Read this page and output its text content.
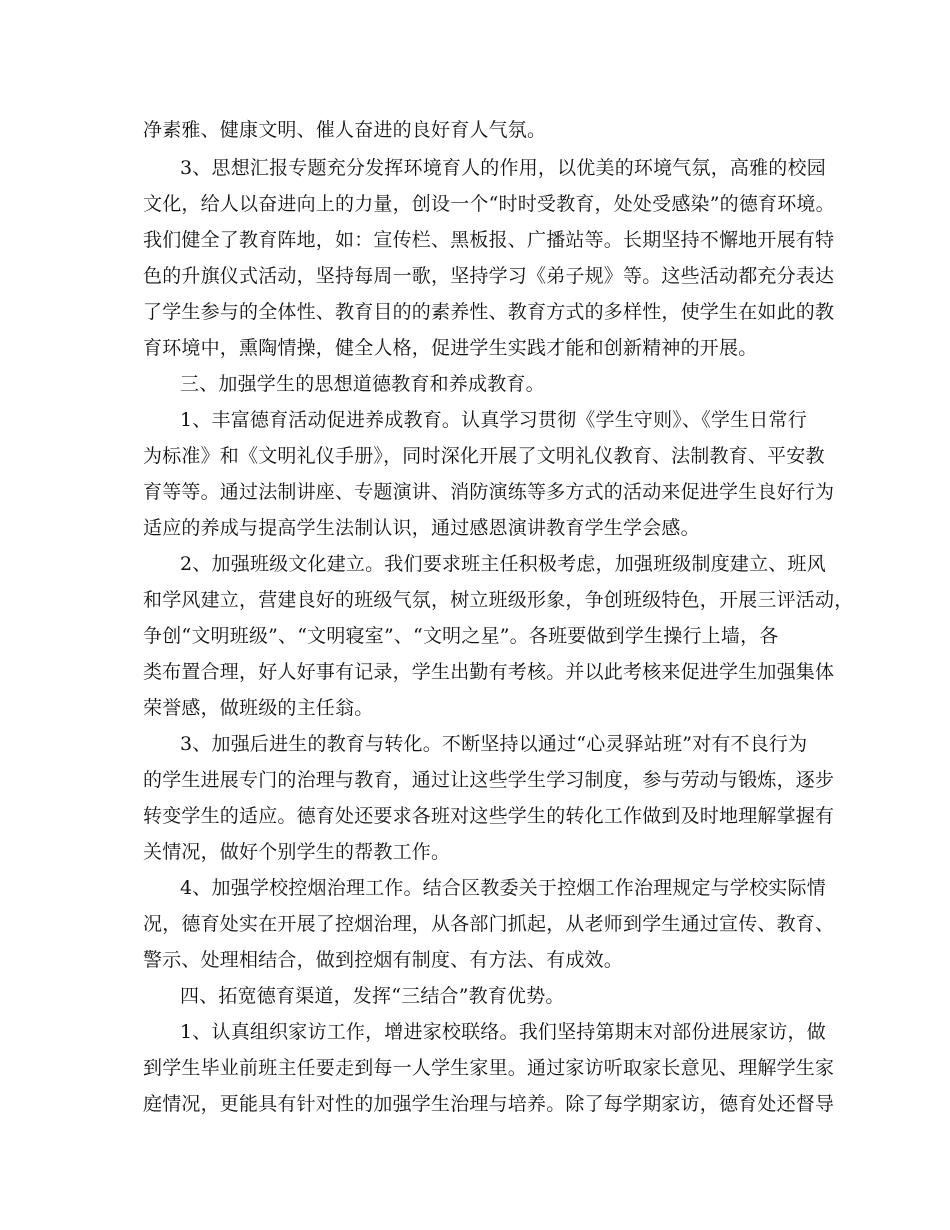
净素雅、健康文明、催人奋进的良好育人气氛。
3、思想汇报专题充分发挥环境育人的作用，以优美的环境气氛，高雅的校园
文化，给人以奋进向上的力量，创设一个“时时受教育，处处受感染”的德育环境。
我们健全了教育阵地，如：宣传栏、黑板报、广播站等。长期坚持不懈地开展有特
色的升旗仪式活动，坚持每周一歌，坚持学习《弟子规》等。这些活动都充分表达
了学生参与的全体性、教育目的的素养性、教育方式的多样性，使学生在如此的教
育环境中，熏陶情操，健全人格，促进学生实践才能和创新精神的开展。
三、加强学生的思想道德教育和养成教育。
1、丰富德育活动促进养成教育。认真学习贯彻《学生守则》、《学生日常行
为标准》和《文明礼仪手册》，同时深化开展了文明礼仪教育、法制教育、平安教
育等等。通过法制讲座、专题演讲、消防演练等多方式的活动来促进学生良好行为
适应的养成与提高学生法制认识，通过感恩演讲教育学生学会感。
2、加强班级文化建立。我们要求班主任积极考虑，加强班级制度建立、班风
和学风建立，营建良好的班级气氛，树立班级形象，争创班级特色，开展三评活动，
争创“文明班级”、“文明寝室”、“文明之星”。各班要做到学生操行上墙，各
类布置合理，好人好事有记录，学生出勤有考核。并以此考核来促进学生加强集体
荣誉感，做班级的主任翁。
3、加强后进生的教育与转化。不断坚持以通过“心灵驿站班”对有不良行为
的学生进展专门的治理与教育，通过让这些学生学习制度，参与劳动与锻炼，逐步
转变学生的适应。德育处还要求各班对这些学生的转化工作做到及时地理解掌握有
关情况，做好个别学生的帮教工作。
4、加强学校控烟治理工作。结合区教委关于控烟工作治理规定与学校实际情
况，德育处实在开展了控烟治理，从各部门抓起，从老师到学生通过宣传、教育、
警示、处理相结合，做到控烟有制度、有方法、有成效。
四、拓宽德育渠道，发挥“三结合”教育优势。
1、认真组织家访工作，增进家校联络。我们坚持第期末对部份进展家访，做
到学生毕业前班主任要走到每一人学生家里。通过家访听取家长意见、理解学生家
庭情况，更能具有针对性的加强学生治理与培养。除了每学期家访，德育处还督导
